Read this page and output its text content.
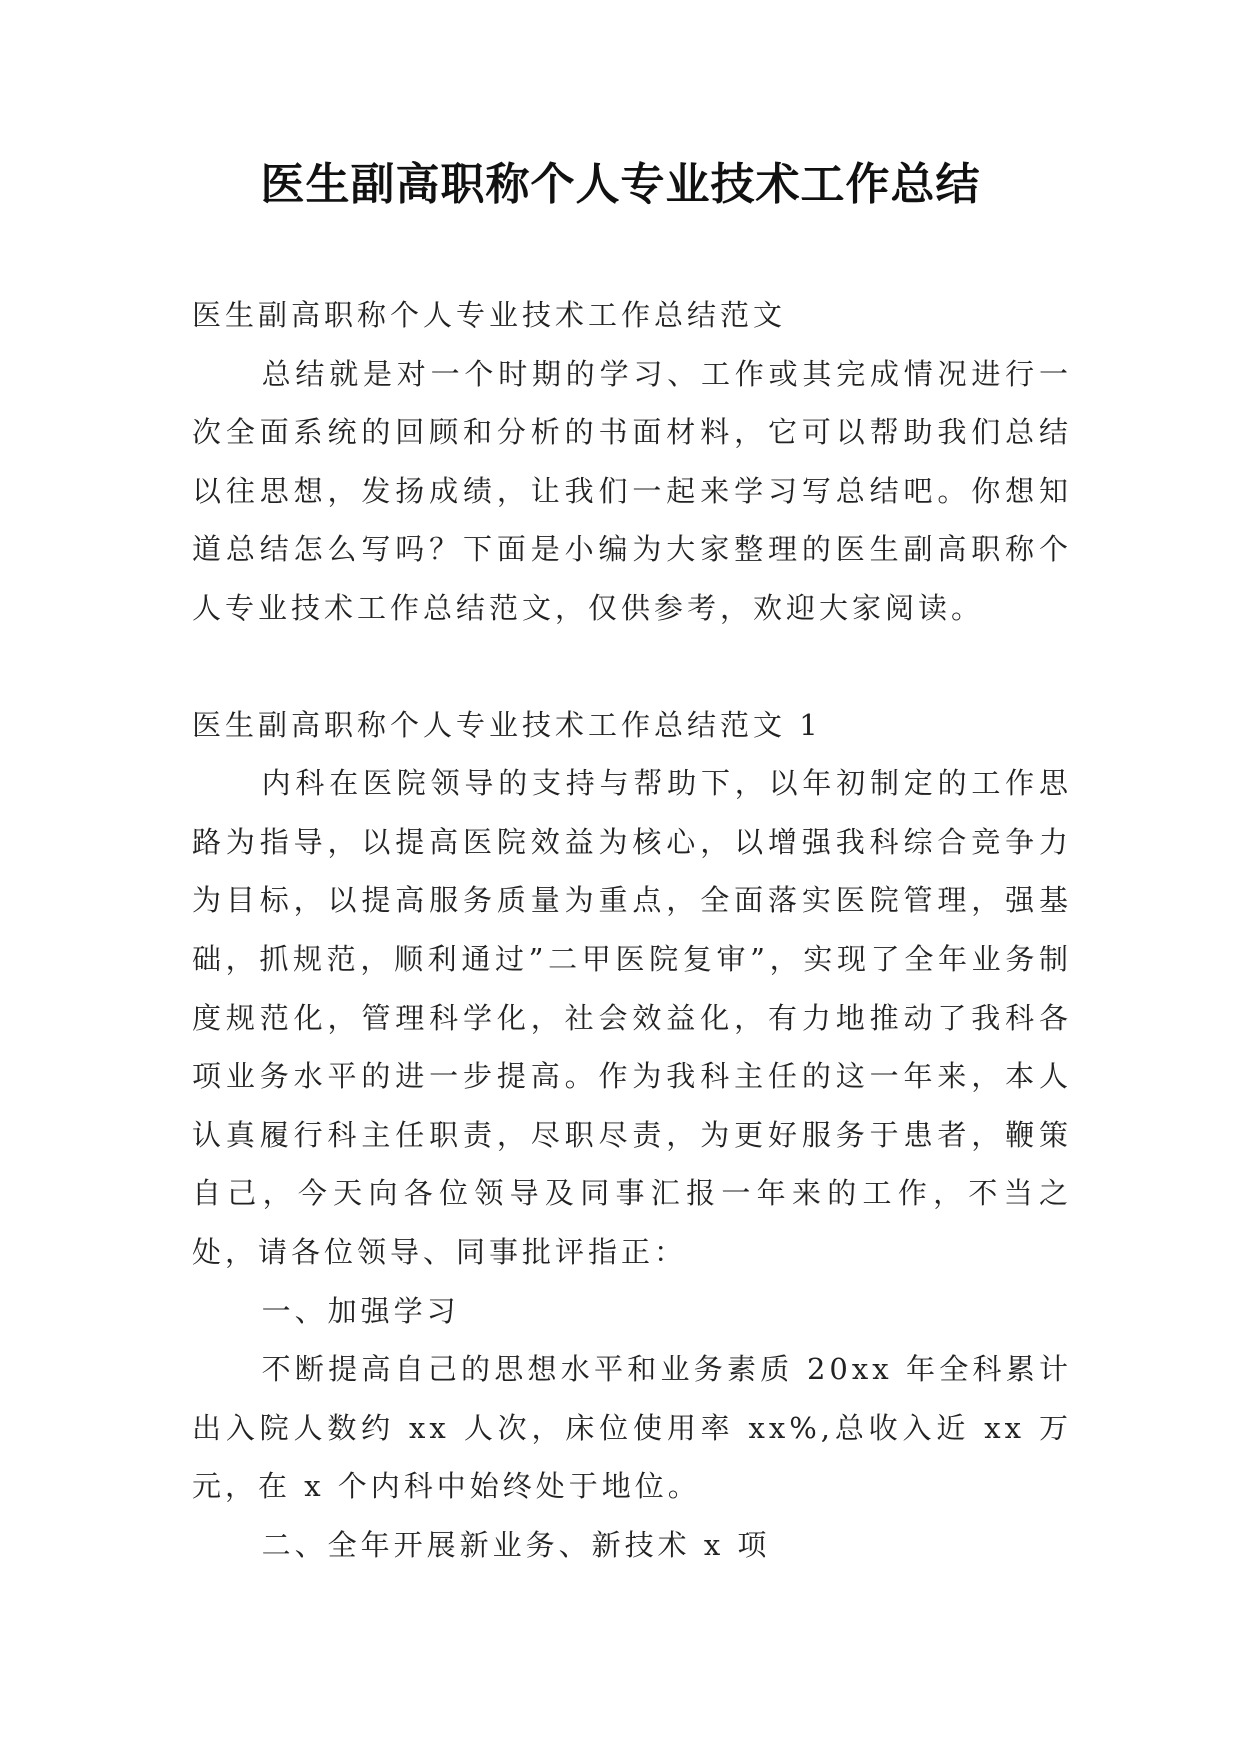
医生副高职称个人专业技术工作总结

医生副高职称个人专业技术工作总结范文

总结就是对一个时期的学习、工作或其完成情况进行一次全面系统的回顾和分析的书面材料，它可以帮助我们总结以往思想，发扬成绩，让我们一起来学习写总结吧。你想知道总结怎么写吗？下面是小编为大家整理的医生副高职称个人专业技术工作总结范文，仅供参考，欢迎大家阅读。

医生副高职称个人专业技术工作总结范文 1

内科在医院领导的支持与帮助下，以年初制定的工作思路为指导，以提高医院效益为核心，以增强我科综合竞争力为目标，以提高服务质量为重点，全面落实医院管理，强基础，抓规范，顺利通过”二甲医院复审”，实现了全年业务制度规范化，管理科学化，社会效益化，有力地推动了我科各项业务水平的进一步提高。作为我科主任的这一年来，本人认真履行科主任职责，尽职尽责，为更好服务于患者，鞭策自己，今天向各位领导及同事汇报一年来的工作，不当之处，请各位领导、同事批评指正：

一、加强学习

不断提高自己的思想水平和业务素质 20xx 年全科累计出入院人数约 xx 人次，床位使用率 xx%,总收入近 xx 万元，在 x 个内科中始终处于地位。

二、全年开展新业务、新技术 x 项
